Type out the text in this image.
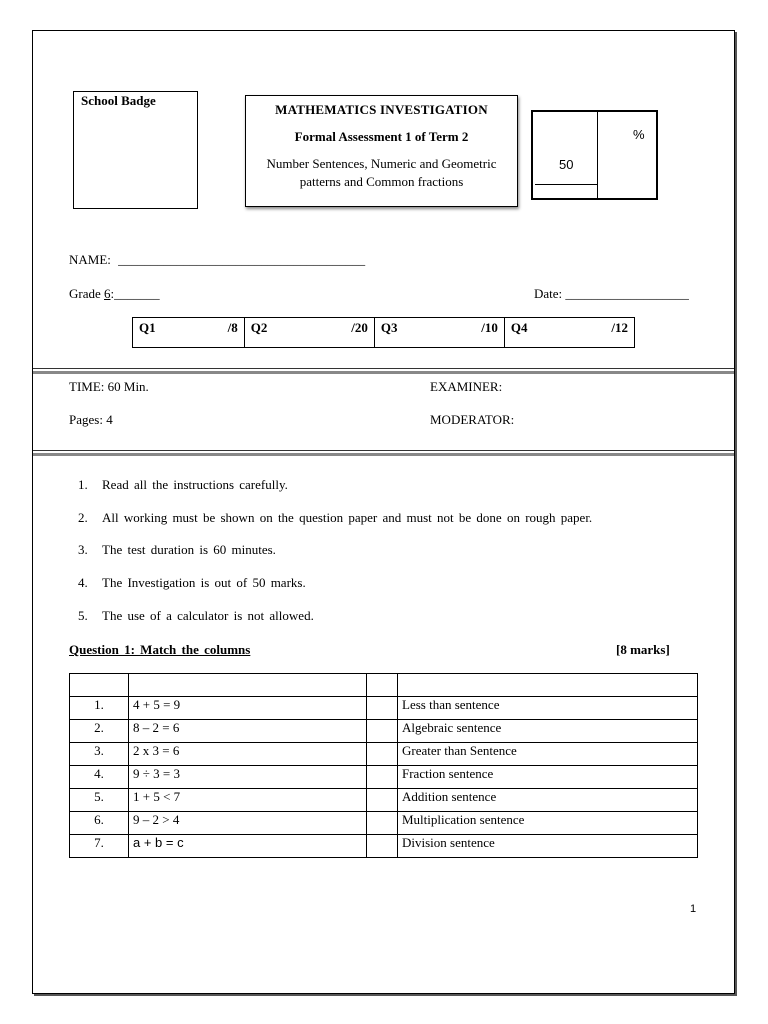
School Badge
MATHEMATICS INVESTIGATION
Formal Assessment 1 of Term 2
Number Sentences, Numeric and Geometric patterns and Common fractions
%
50
NAME: ______________________________________
Grade 6:_______	Date: ___________________
Q1	/8	Q2	/20	Q3	/10	Q4	/12
TIME: 60 Min.	EXAMINER:
Pages: 4	MODERATOR:
1. Read all the instructions carefully.
2. All working must be shown on the question paper and must not be done on rough paper.
3. The test duration is 60 minutes.
4. The Investigation is out of 50 marks.
5. The use of a calculator is not allowed.
Question 1: Match the columns	[8 marks]

1.	4 + 5 = 9		Less than sentence
2.	8 – 2 = 6		Algebraic sentence
3.	2 x 3 = 6		Greater than Sentence
4.	9 ÷ 3 = 3		Fraction sentence
5.	1 + 5 < 7		Addition sentence
6.	9 – 2 > 4		Multiplication sentence
7.	a + b = c		Division sentence
1
